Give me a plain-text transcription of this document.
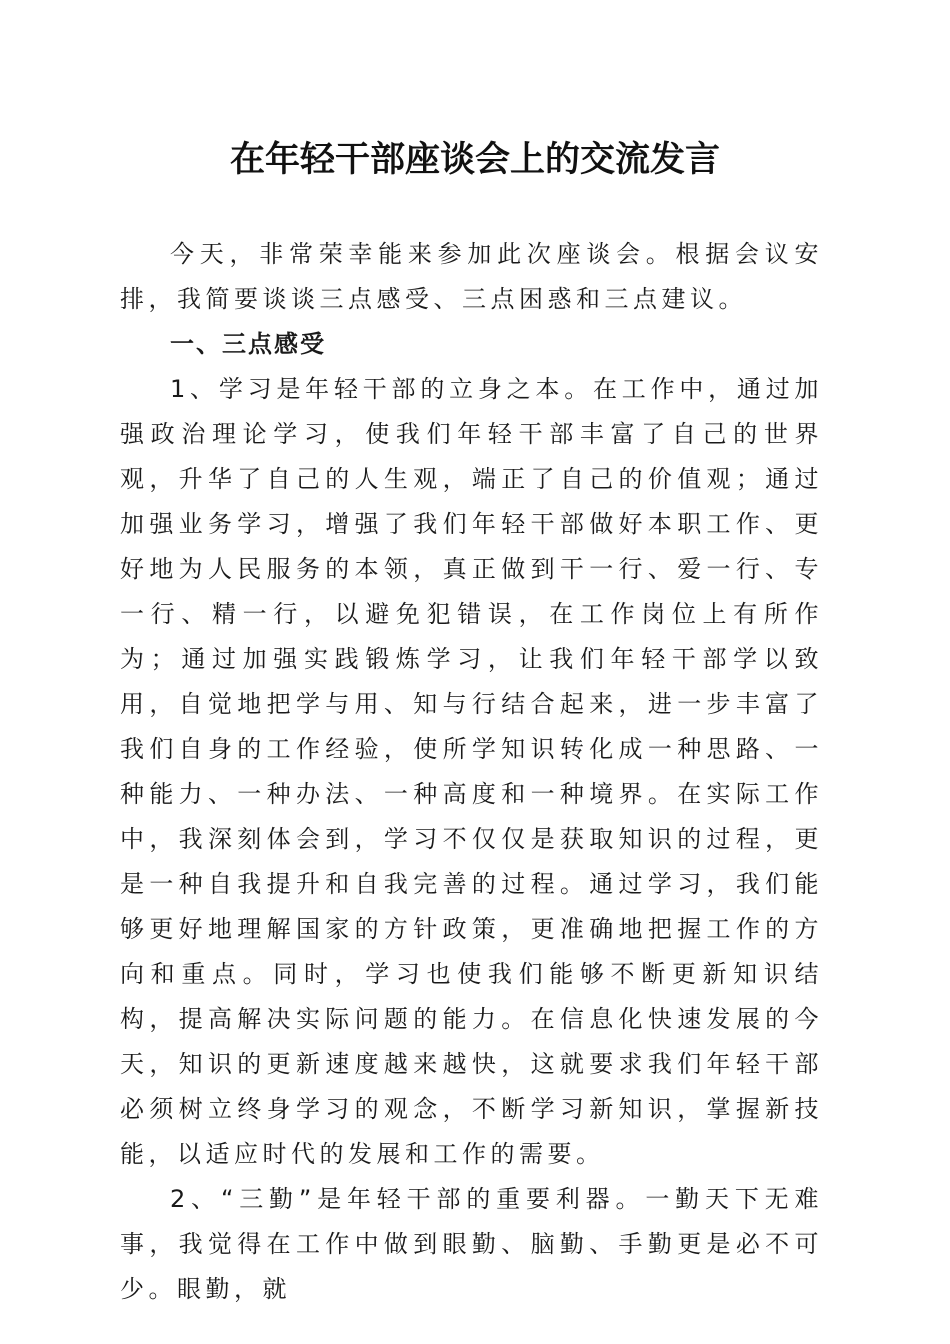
在年轻干部座谈会上的交流发言

今天，非常荣幸能来参加此次座谈会。根据会议安排，我简要谈谈三点感受、三点困惑和三点建议。

一、三点感受

1、学习是年轻干部的立身之本。在工作中，通过加强政治理论学习，使我们年轻干部丰富了自己的世界观，升华了自己的人生观，端正了自己的价值观；通过加强业务学习，增强了我们年轻干部做好本职工作、更好地为人民服务的本领，真正做到干一行、爱一行、专一行、精一行，以避免犯错误，在工作岗位上有所作为；通过加强实践锻炼学习，让我们年轻干部学以致用，自觉地把学与用、知与行结合起来，进一步丰富了我们自身的工作经验，使所学知识转化成一种思路、一种能力、一种办法、一种高度和一种境界。在实际工作中，我深刻体会到，学习不仅仅是获取知识的过程，更是一种自我提升和自我完善的过程。通过学习，我们能够更好地理解国家的方针政策，更准确地把握工作的方向和重点。同时，学习也使我们能够不断更新知识结构，提高解决实际问题的能力。在信息化快速发展的今天，知识的更新速度越来越快，这就要求我们年轻干部必须树立终身学习的观念，不断学习新知识，掌握新技能，以适应时代的发展和工作的需要。

2、“三勤”是年轻干部的重要利器。一勤天下无难事，我觉得在工作中做到眼勤、脑勤、手勤更是必不可少。眼勤，就
